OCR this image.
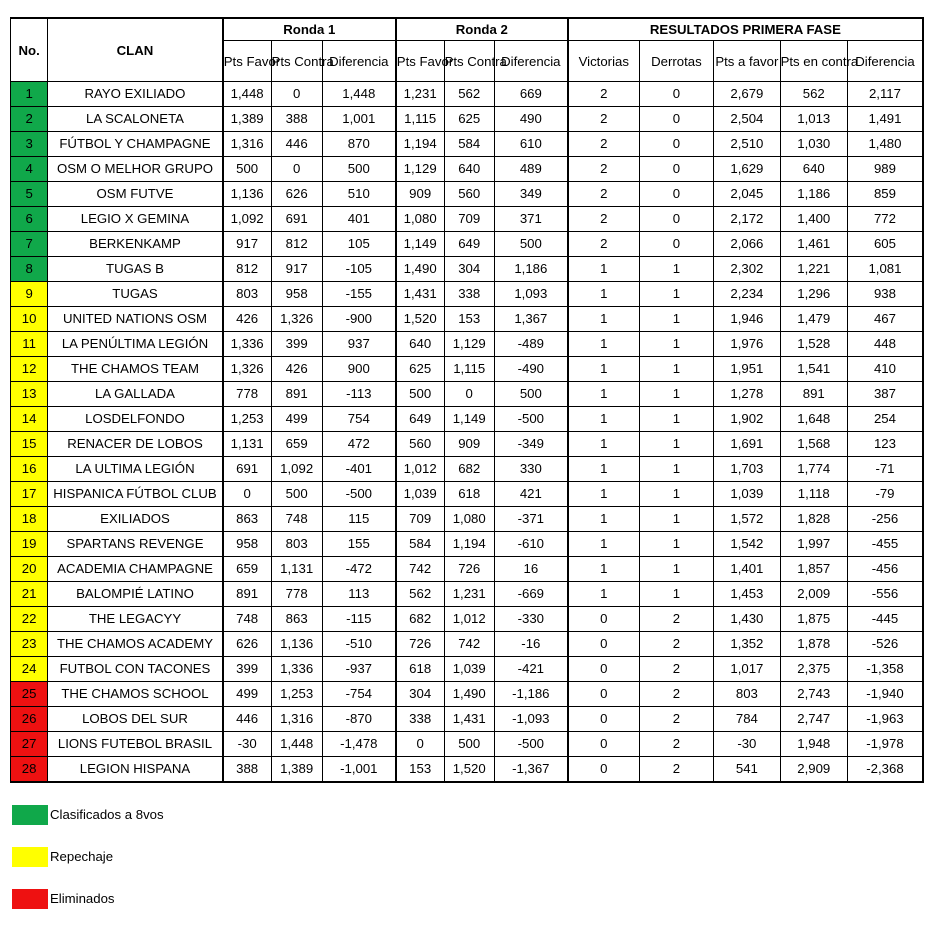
No.	CLAN	Ronda 1			Ronda 2			RESULTADOS PRIMERA FASE				
		Pts Favor	Pts Contra	Diferencia	Pts Favor	Pts Contra	Diferencia	Victorias	Derrotas	Pts a favor	Pts en contra	Diferencia
1	RAYO EXILIADO	1,448	0	1,448	1,231	562	669	2	0	2,679	562	2,117
2	LA SCALONETA	1,389	388	1,001	1,115	625	490	2	0	2,504	1,013	1,491
3	FÚTBOL Y CHAMPAGNE	1,316	446	870	1,194	584	610	2	0	2,510	1,030	1,480
4	OSM O MELHOR GRUPO	500	0	500	1,129	640	489	2	0	1,629	640	989
5	OSM FUTVE	1,136	626	510	909	560	349	2	0	2,045	1,186	859
6	LEGIO X GEMINA	1,092	691	401	1,080	709	371	2	0	2,172	1,400	772
7	BERKENKAMP	917	812	105	1,149	649	500	2	0	2,066	1,461	605
8	TUGAS B	812	917	-105	1,490	304	1,186	1	1	2,302	1,221	1,081
9	TUGAS	803	958	-155	1,431	338	1,093	1	1	2,234	1,296	938
10	UNITED NATIONS OSM	426	1,326	-900	1,520	153	1,367	1	1	1,946	1,479	467
11	LA PENÚLTIMA LEGIÓN	1,336	399	937	640	1,129	-489	1	1	1,976	1,528	448
12	THE CHAMOS TEAM	1,326	426	900	625	1,115	-490	1	1	1,951	1,541	410
13	LA GALLADA	778	891	-113	500	0	500	1	1	1,278	891	387
14	LOSDELFONDO	1,253	499	754	649	1,149	-500	1	1	1,902	1,648	254
15	RENACER DE LOBOS	1,131	659	472	560	909	-349	1	1	1,691	1,568	123
16	LA ULTIMA LEGIÓN	691	1,092	-401	1,012	682	330	1	1	1,703	1,774	-71
17	HISPANICA FÚTBOL CLUB	0	500	-500	1,039	618	421	1	1	1,039	1,118	-79
18	EXILIADOS	863	748	115	709	1,080	-371	1	1	1,572	1,828	-256
19	SPARTANS REVENGE	958	803	155	584	1,194	-610	1	1	1,542	1,997	-455
20	ACADEMIA CHAMPAGNE	659	1,131	-472	742	726	16	1	1	1,401	1,857	-456
21	BALOMPIÉ LATINO	891	778	113	562	1,231	-669	1	1	1,453	2,009	-556
22	THE LEGACYY	748	863	-115	682	1,012	-330	0	2	1,430	1,875	-445
23	THE CHAMOS ACADEMY	626	1,136	-510	726	742	-16	0	2	1,352	1,878	-526
24	FUTBOL CON TACONES	399	1,336	-937	618	1,039	-421	0	2	1,017	2,375	-1,358
25	THE CHAMOS SCHOOL	499	1,253	-754	304	1,490	-1,186	0	2	803	2,743	-1,940
26	LOBOS DEL SUR	446	1,316	-870	338	1,431	-1,093	0	2	784	2,747	-1,963
27	LIONS FUTEBOL BRASIL	-30	1,448	-1,478	0	500	-500	0	2	-30	1,948	-1,978
28	LEGION HISPANA	388	1,389	-1,001	153	1,520	-1,367	0	2	541	2,909	-2,368
Clasificados a 8vos
Repechaje
Eliminados
